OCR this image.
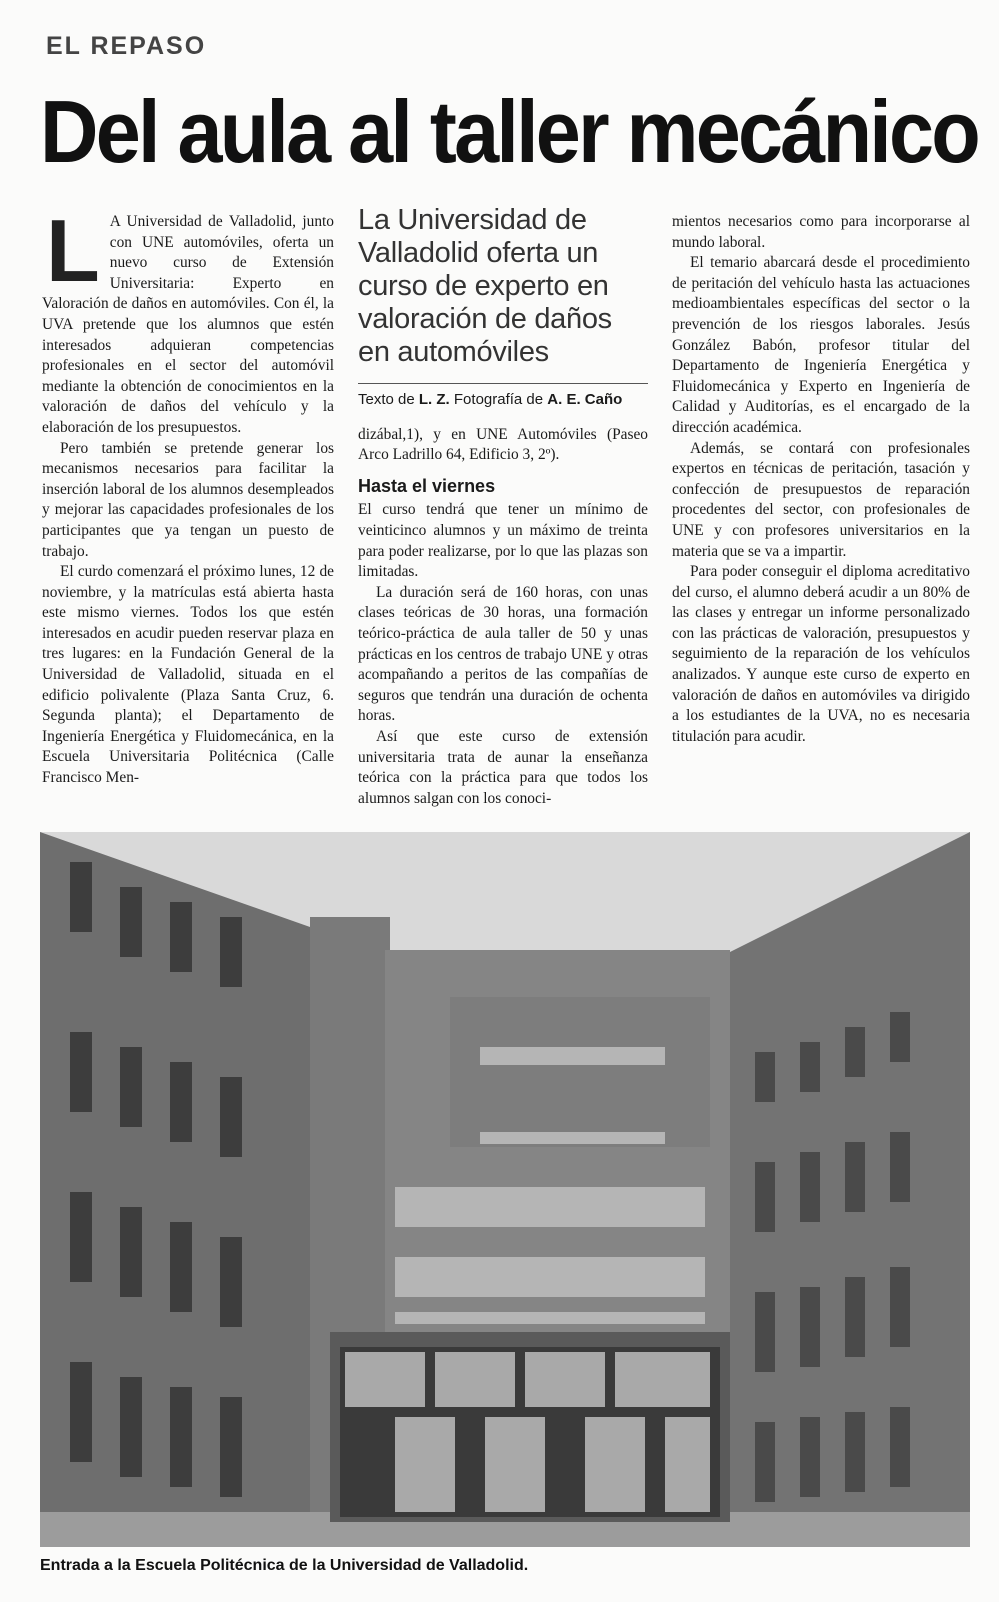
EL REPASO
Del aula al taller mecánico
L A Universidad de Valladolid, junto con UNE automóviles, oferta un nuevo curso de Extensión Universitaria: Experto en Valoración de daños en automóviles. Con él, la UVA pretende que los alumnos que estén interesados adquieran competencias profesionales en el sector del automóvil mediante la obtención de conocimientos en la valoración de daños del vehículo y la elaboración de los presupuestos.

Pero también se pretende generar los mecanismos necesarios para facilitar la inserción laboral de los alumnos desempleados y mejorar las capacidades profesionales de los participantes que ya tengan un puesto de trabajo.

El curdo comenzará el próximo lunes, 12 de noviembre, y la matrículas está abierta hasta este mismo viernes. Todos los que estén interesados en acudir pueden reservar plaza en tres lugares: en la Fundación General de la Universidad de Valladolid, situada en el edificio polivalente (Plaza Santa Cruz, 6. Segunda planta); el Departamento de Ingeniería Energética y Fluidomecánica, en la Escuela Universitaria Politécnica (Calle Francisco Men-

La Universidad de Valladolid oferta un curso de experto en valoración de daños en automóviles
Texto de L. Z. Fotografía de A. E. Caño

dizábal,1), y en UNE Automóviles (Paseo Arco Ladrillo 64, Edificio 3, 2º).

Hasta el viernes

El curso tendrá que tener un mínimo de veinticinco alumnos y un máximo de treinta para poder realizarse, por lo que las plazas son limitadas.

La duración será de 160 horas, con unas clases teóricas de 30 horas, una formación teórico-práctica de aula taller de 50 y unas prácticas en los centros de trabajo UNE y otras acompañando a peritos de las compañías de seguros que tendrán una duración de ochenta horas.

Así que este curso de extensión universitaria trata de aunar la enseñanza teórica con la práctica para que todos los alumnos salgan con los conoci-

mientos necesarios como para incorporarse al mundo laboral.

El temario abarcará desde el procedimiento de peritación del vehículo hasta las actuaciones medioambientales específicas del sector o la prevención de los riesgos laborales. Jesús González Babón, profesor titular del Departamento de Ingeniería Energética y Fluidomecánica y Experto en Ingeniería de Calidad y Auditorías, es el encargado de la dirección académica.

Además, se contará con profesionales expertos en técnicas de peritación, tasación y confección de presupuestos de reparación procedentes del sector, con profesionales de UNE y con profesores universitarios en la materia que se va a impartir.

Para poder conseguir el diploma acreditativo del curso, el alumno deberá acudir a un 80% de las clases y entregar un informe personalizado con las prácticas de valoración, presupuestos y seguimiento de la reparación de los vehículos analizados. Y aunque este curso de experto en valoración de daños en automóviles va dirigido a los estudiantes de la UVA, no es necesaria titulación para acudir.

Entrada a la Escuela Politécnica de la Universidad de Valladolid.
